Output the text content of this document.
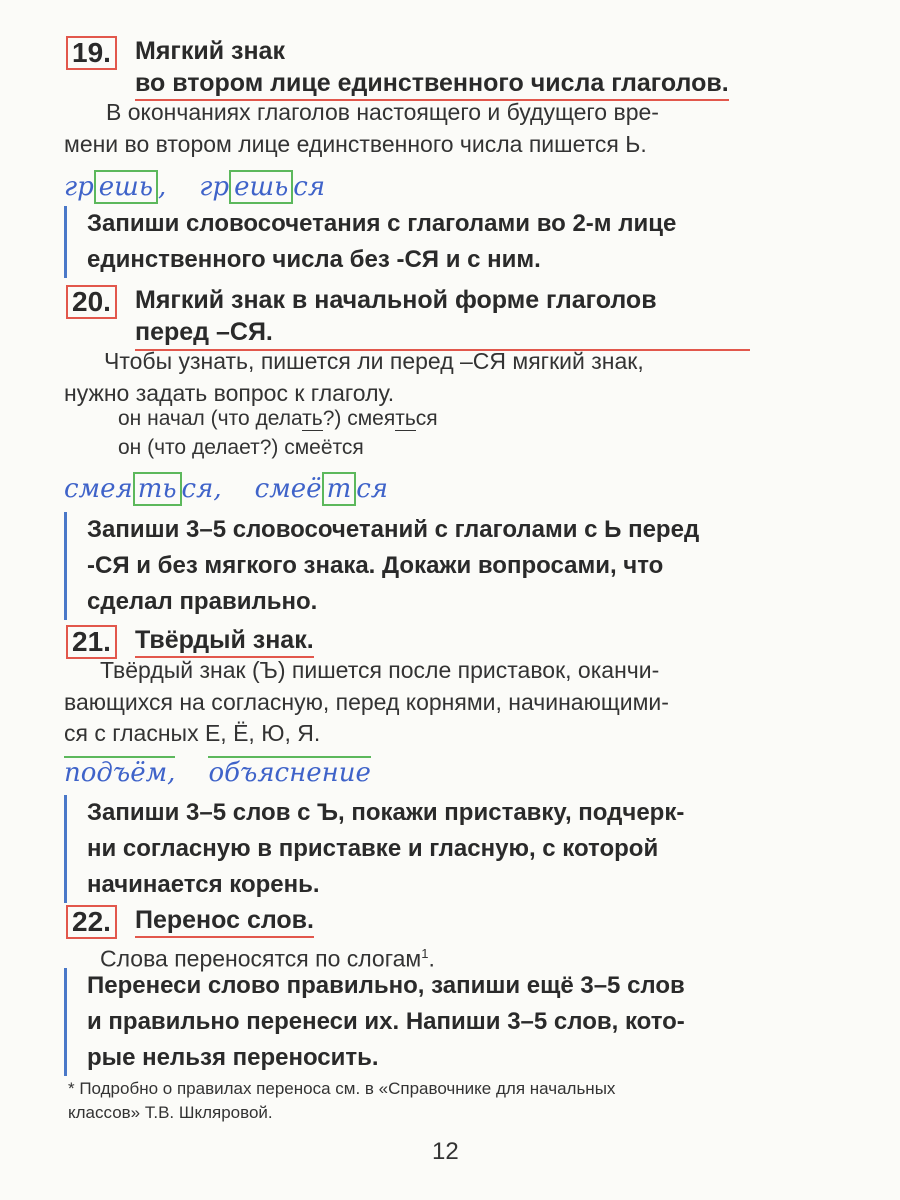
19. Мягкий знак
во втором лице единственного числа глаголов.
В окончаниях глаголов настоящего и будущего вре-
мени во втором лице единственного числа пишется Ь.
гр ешь , гр ешь ся
Запиши словосочетания с глаголами во 2-м лице
единственного числа без -СЯ и с ним.
20. Мягкий знак в начальной форме глаголов
перед –СЯ.
Чтобы узнать, пишется ли перед –СЯ мягкий знак,
нужно задать вопрос к глаголу.
он начал (что делать?) смеяться
он (что делает?) смеётся
смея ть ся, смеё т ся
Запиши 3–5 словосочетаний с глаголами с Ь перед
-СЯ и без мягкого знака. Докажи вопросами, что
сделал правильно.
21. Твёрдый знак.
Твёрдый знак (Ъ) пишется после приставок, оканчи-
вающихся на согласную, перед корнями, начинающими-
ся с гласных Е, Ё, Ю, Я.
подъём, объяснение
Запиши 3–5 слов с Ъ, покажи приставку, подчерк-
ни согласную в приставке и гласную, с которой
начинается корень.
22. Перенос слов.
Слова переносятся по слогам$^1$.
Перенеси слово правильно, запиши ещё 3–5 слов
и правильно перенеси их. Напиши 3–5 слов, кото-
рые нельзя переносить.
* Подробно о правилах переноса см. в «Справочнике для начальных
классов» Т.В. Шкляровой.
12
